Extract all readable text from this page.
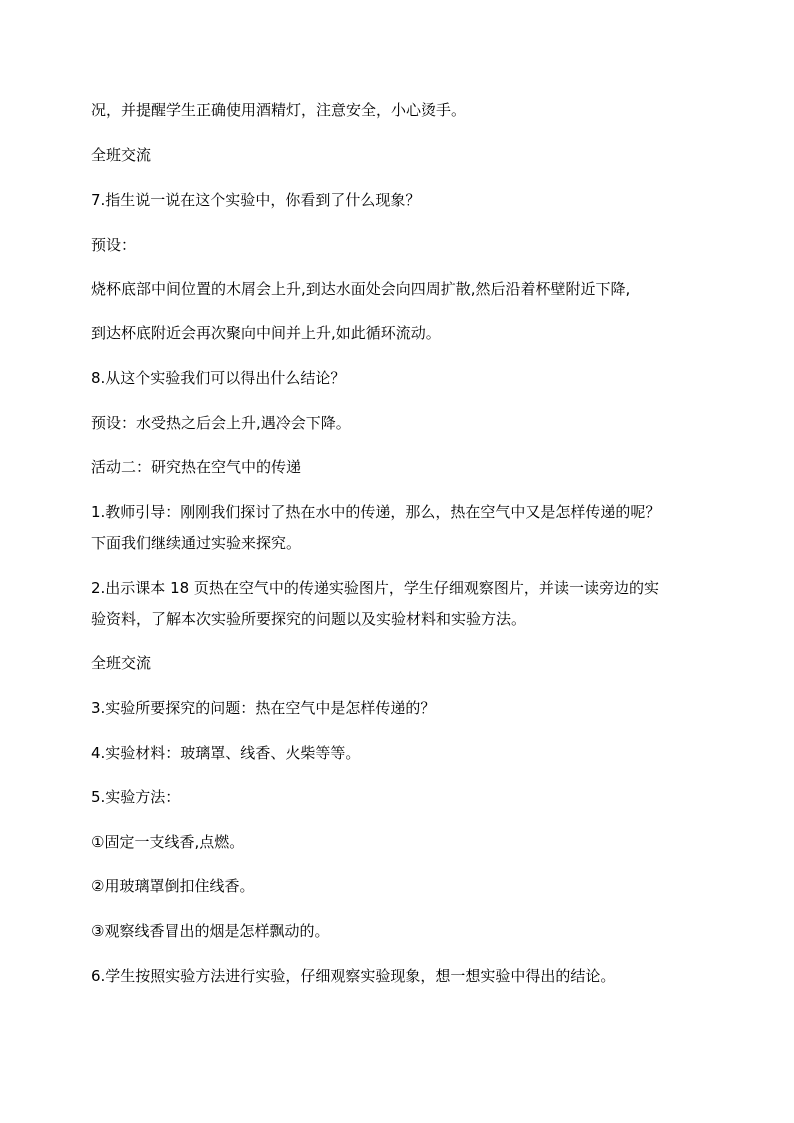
况，并提醒学生正确使用酒精灯，注意安全，小心烫手。
全班交流
7.指生说一说在这个实验中，你看到了什么现象？
预设：
烧杯底部中间位置的木屑会上升,到达水面处会向四周扩散,然后沿着杯壁附近下降,
到达杯底附近会再次聚向中间并上升,如此循环流动。
8.从这个实验我们可以得出什么结论？
预设：水受热之后会上升,遇冷会下降。
活动二：研究热在空气中的传递
1.教师引导：刚刚我们探讨了热在水中的传递，那么，热在空气中又是怎样传递的呢？
下面我们继续通过实验来探究。
2.出示课本 18 页热在空气中的传递实验图片，学生仔细观察图片，并读一读旁边的实
验资料，了解本次实验所要探究的问题以及实验材料和实验方法。
全班交流
3.实验所要探究的问题：热在空气中是怎样传递的？
4.实验材料：玻璃罩、线香、火柴等等。
5.实验方法：
①固定一支线香,点燃。
②用玻璃罩倒扣住线香。
③观察线香冒出的烟是怎样飘动的。
6.学生按照实验方法进行实验，仔细观察实验现象，想一想实验中得出的结论。
